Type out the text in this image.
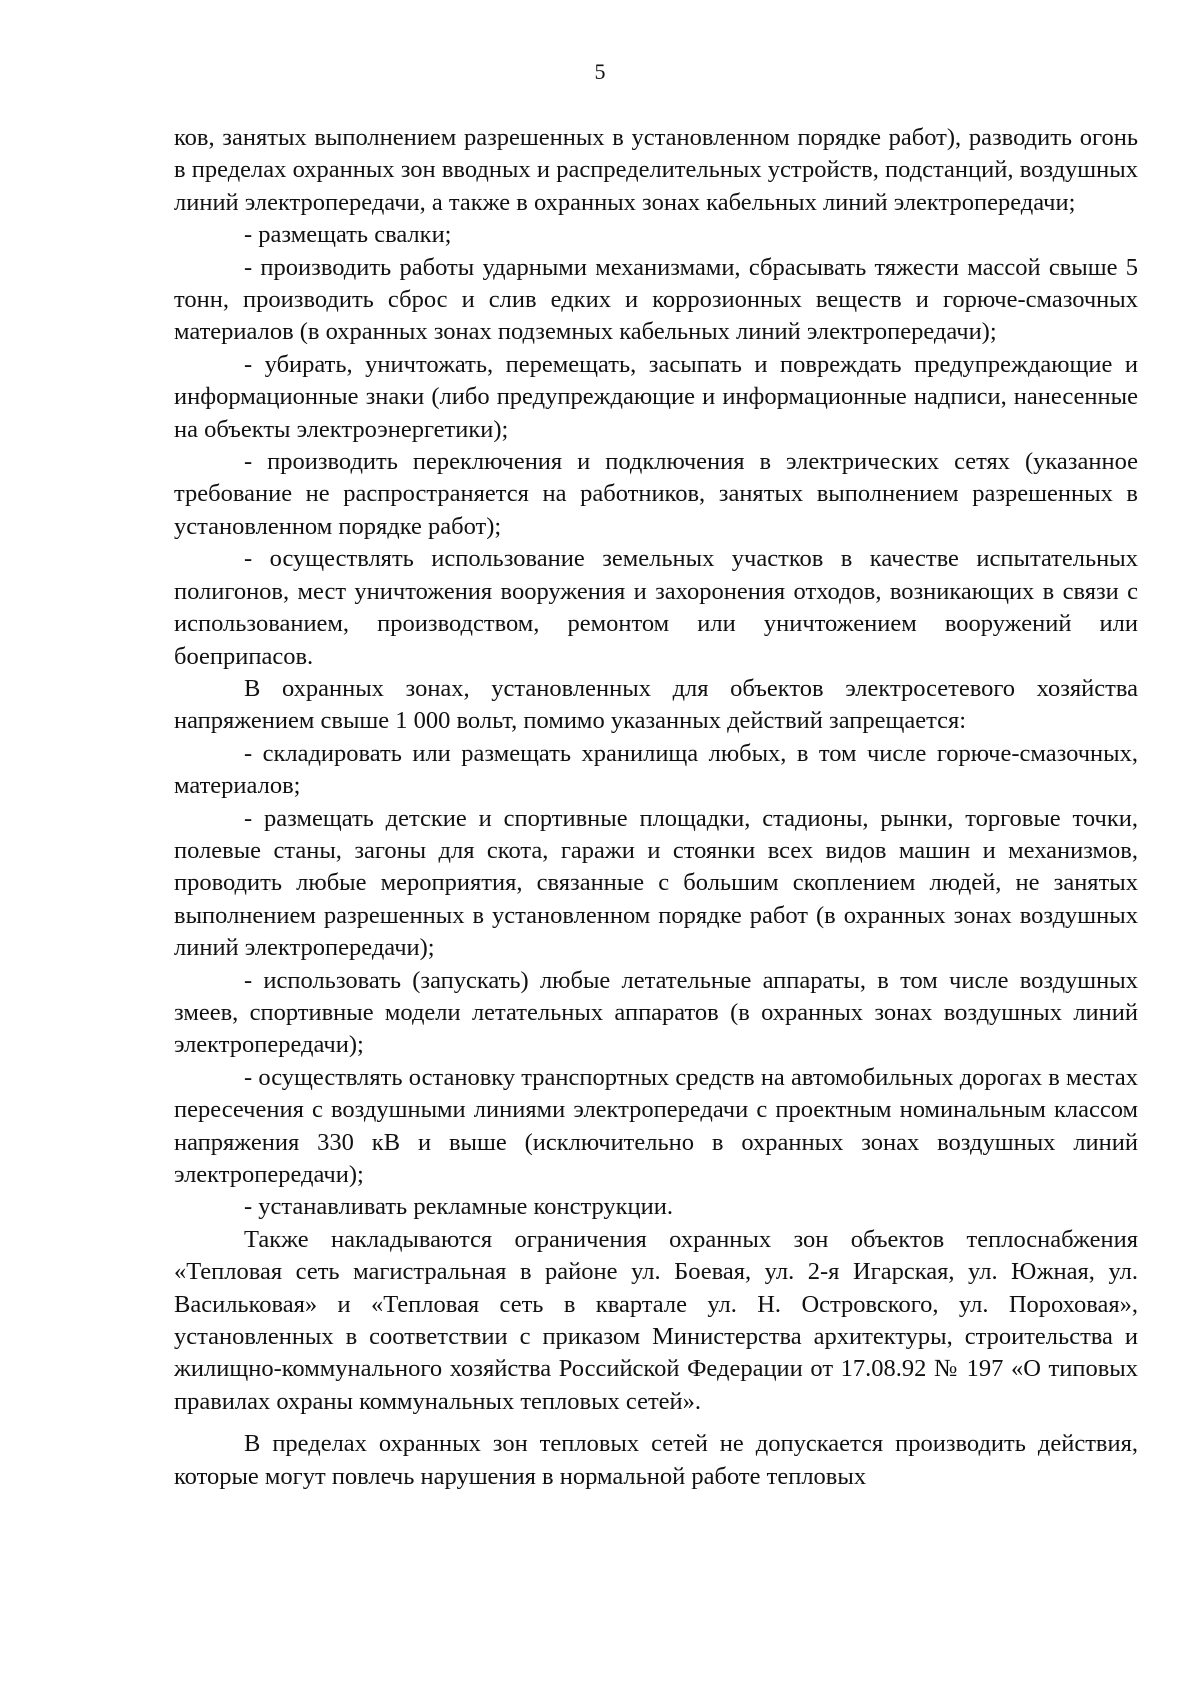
5

ков, занятых выполнением разрешенных в установленном порядке работ), разводить огонь в пределах охранных зон вводных и распределительных устройств, подстанций, воздушных линий электропередачи, а также в охранных зонах кабельных линий электропередачи;

- размещать свалки;

- производить работы ударными механизмами, сбрасывать тяжести массой свыше 5 тонн, производить сброс и слив едких и коррозионных веществ и горюче-смазочных материалов (в охранных зонах подземных кабельных линий электропередачи);

- убирать, уничтожать, перемещать, засыпать и повреждать предупреждающие и информационные знаки (либо предупреждающие и информационные надписи, нанесенные на объекты электроэнергетики);

- производить переключения и подключения в электрических сетях (указанное требование не распространяется на работников, занятых выполнением разрешенных в установленном порядке работ);

- осуществлять использование земельных участков в качестве испытательных полигонов, мест уничтожения вооружения и захоронения отходов, возникающих в связи с использованием, производством, ремонтом или уничтожением вооружений или боеприпасов.

В охранных зонах, установленных для объектов электросетевого хозяйства напряжением свыше 1 000 вольт, помимо указанных действий запрещается:

- складировать или размещать хранилища любых, в том числе горюче-смазочных, материалов;

- размещать детские и спортивные площадки, стадионы, рынки, торговые точки, полевые станы, загоны для скота, гаражи и стоянки всех видов машин и механизмов, проводить любые мероприятия, связанные с большим скоплением людей, не занятых выполнением разрешенных в установленном порядке работ (в охранных зонах воздушных линий электропередачи);

- использовать (запускать) любые летательные аппараты, в том числе воздушных змеев, спортивные модели летательных аппаратов (в охранных зонах воздушных линий электропередачи);

- осуществлять остановку транспортных средств на автомобильных дорогах в местах пересечения с воздушными линиями электропередачи с проектным номинальным классом напряжения 330 кВ и выше (исключительно в охранных зонах воздушных линий электропередачи);

- устанавливать рекламные конструкции.

Также накладываются ограничения охранных зон объектов теплоснабжения «Тепловая сеть магистральная в районе ул. Боевая, ул. 2-я Игарская, ул. Южная, ул. Васильковая» и «Тепловая сеть в квартале ул. Н. Островского, ул. Пороховая», установленных в соответствии с приказом Министерства архитектуры, строительства и жилищно-коммунального хозяйства Российской Федерации от 17.08.92 № 197 «О типовых правилах охраны коммунальных тепловых сетей».

В пределах охранных зон тепловых сетей не допускается производить действия, которые могут повлечь нарушения в нормальной работе тепловых
